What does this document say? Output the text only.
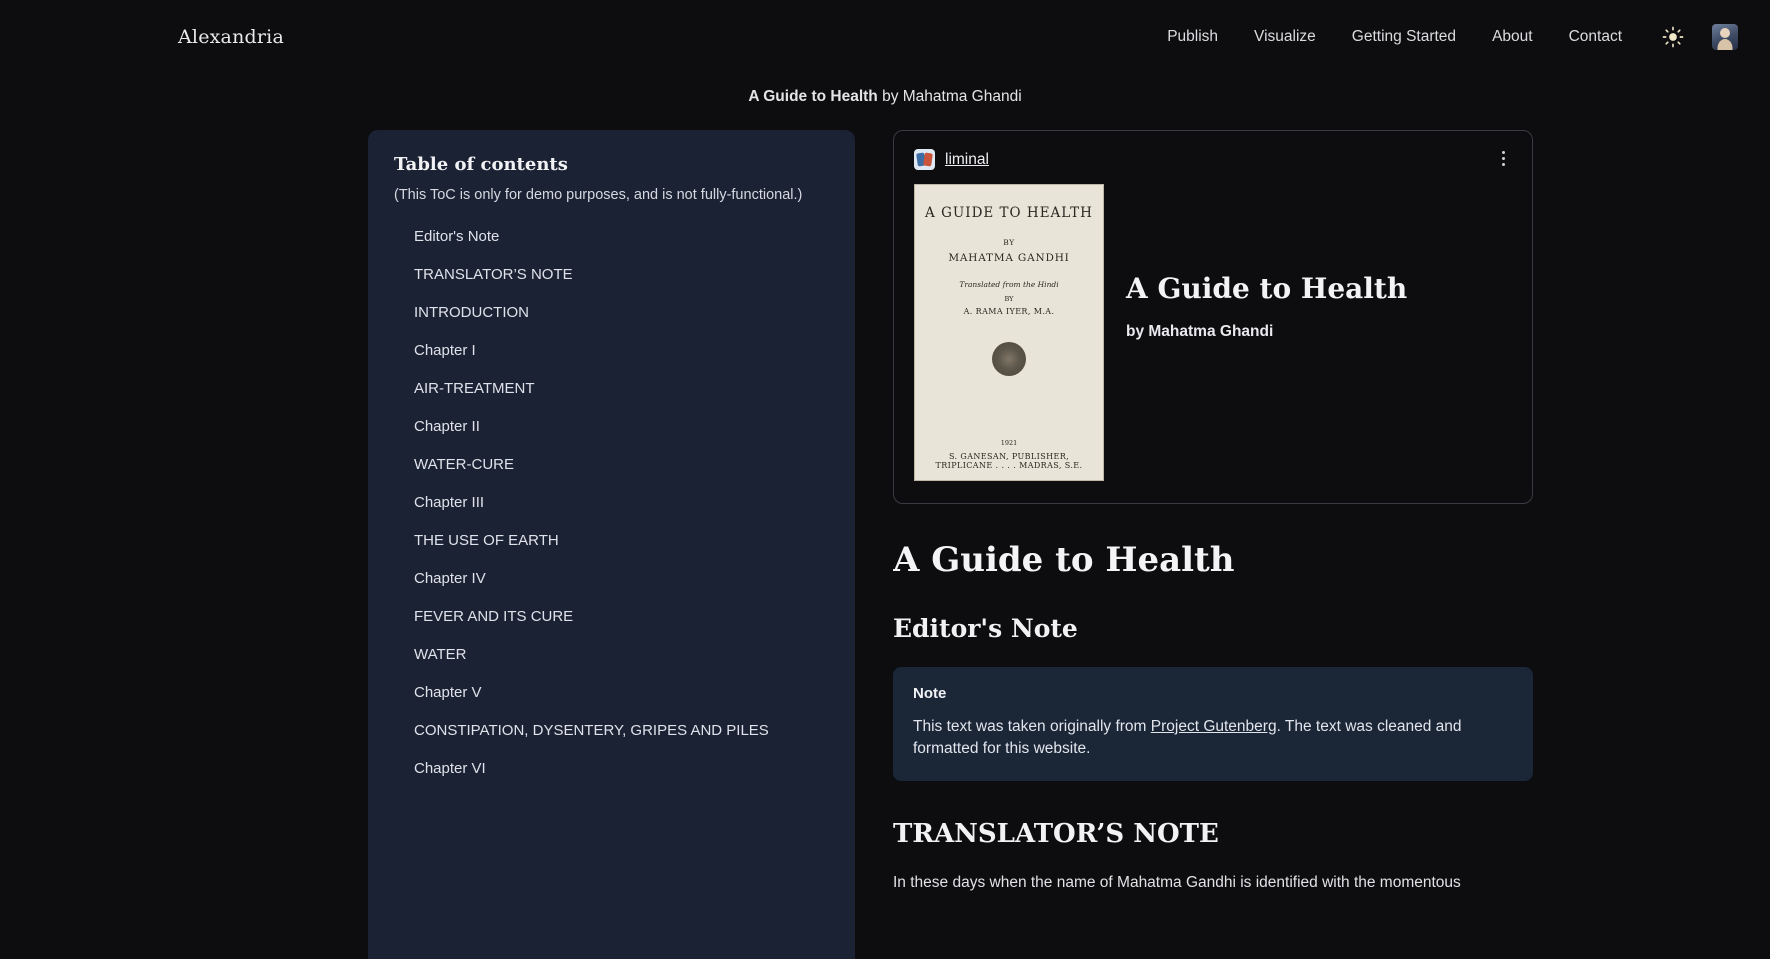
Alexandria	Publish Visualize Getting Started About Contact
A Guide to Health by Mahatma Ghandi
Table of contents
(This ToC is only for demo purposes, and is not fully-functional.)
Editor's Note
TRANSLATOR’S NOTE
INTRODUCTION
Chapter I
AIR-TREATMENT
Chapter II
WATER-CURE
Chapter III
THE USE OF EARTH
Chapter IV
FEVER AND ITS CURE
WATER
Chapter V
CONSTIPATION, DYSENTERY, GRIPES AND PILES
Chapter VI
liminal
A GUIDE TO HEALTH
BY
MAHATMA GANDHI
Translated from the Hindi
BY
A. RAMA IYER, M.A.
1921
S. GANESAN, PUBLISHER,
TRIPLICANE . . . . MADRAS, S.E.
A Guide to Health
by Mahatma Ghandi
A Guide to Health
Editor's Note
Note
This text was taken originally from Project Gutenberg. The text was cleaned and formatted for this website.
TRANSLATOR’S NOTE

In these days when the name of Mahatma Gandhi is identified with the momentous
